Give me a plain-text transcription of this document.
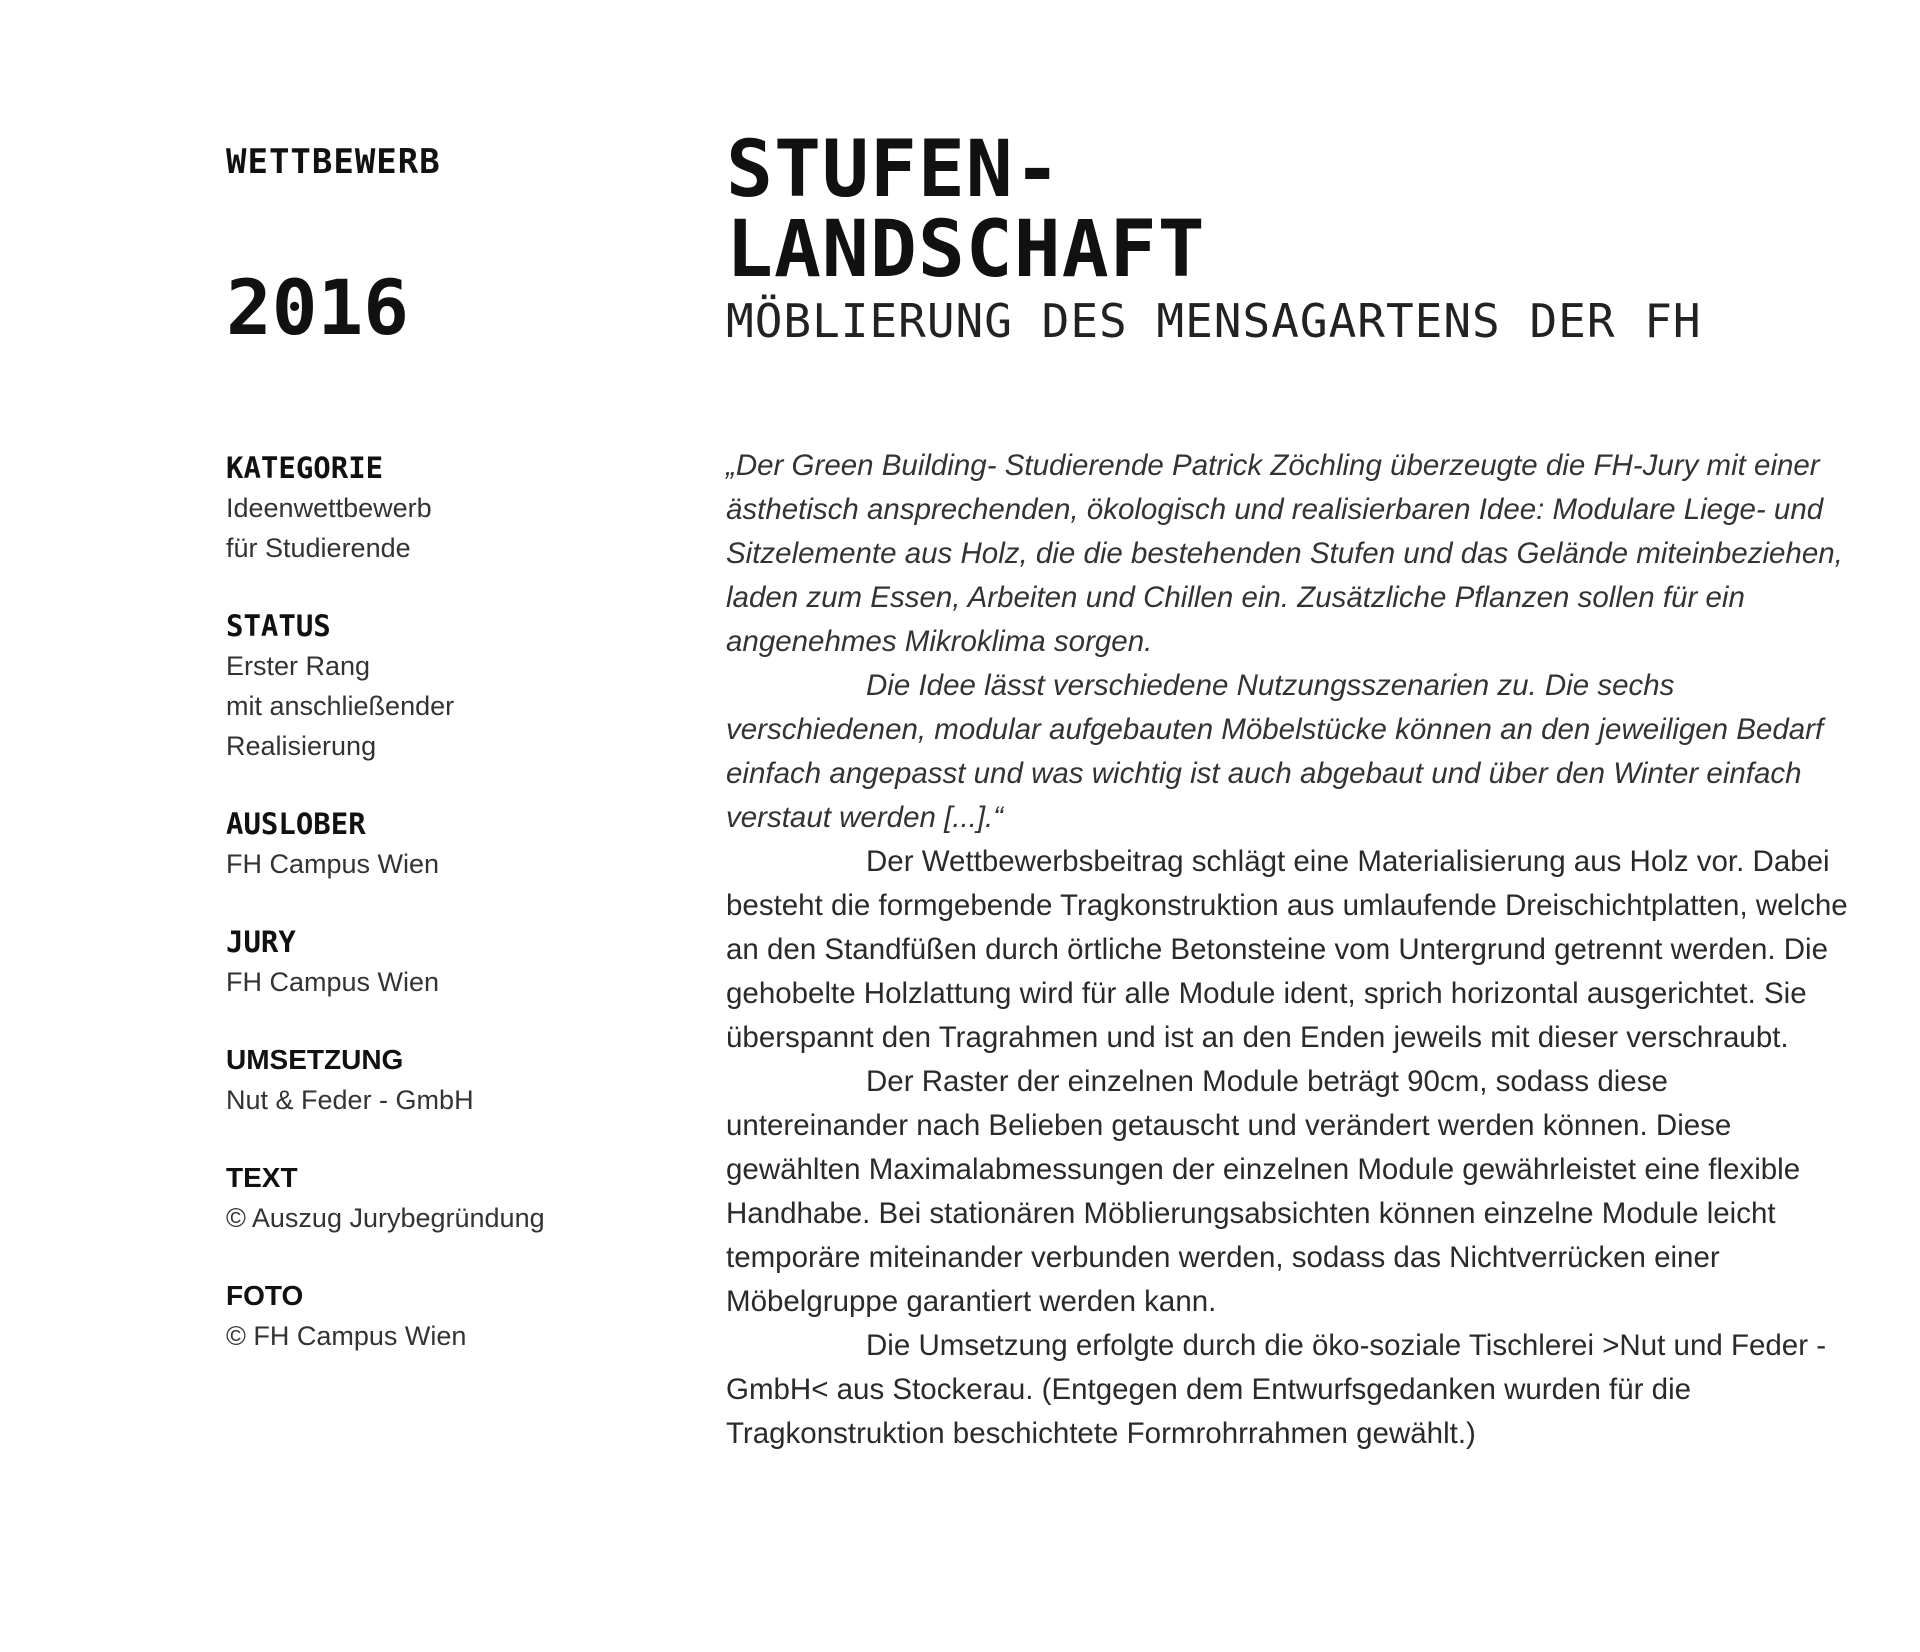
WETTBEWERB
2016
KATEGORIE
Ideenwettbewerb
für Studierende
STATUS
Erster Rang
mit anschließender
Realisierung
AUSLOBER
FH Campus Wien
JURY
FH Campus Wien
UMSETZUNG
Nut & Feder - GmbH
TEXT
© Auszug Jurybegründung
FOTO
© FH Campus Wien
STUFEN-
LANDSCHAFT
MÖBLIERUNG DES MENSAGARTENS DER FH

„Der Green Building- Studierende Patrick Zöchling überzeugte die FH-Jury mit einer ästhetisch ansprechenden, ökologisch und realisierbaren Idee: Modulare Liege- und Sitzelemente aus Holz, die die bestehenden Stufen und das Gelände miteinbeziehen, laden zum Essen, Arbeiten und Chillen ein. Zusätzliche Pflanzen sollen für ein angenehmes Mikroklima sorgen.

Die Idee lässt verschiedene Nutzungsszenarien zu. Die sechs verschiedenen, modular aufgebauten Möbelstücke können an den jeweiligen Bedarf einfach angepasst und was wichtig ist auch abgebaut und über den Winter einfach verstaut werden [...].“

Der Wettbewerbsbeitrag schlägt eine Materialisierung aus Holz vor. Dabei besteht die formgebende Tragkonstruktion aus umlaufende Dreischichtplatten, welche an den Standfüßen durch örtliche Betonsteine vom Untergrund getrennt werden. Die gehobelte Holzlattung wird für alle Module ident, sprich horizontal ausgerichtet. Sie überspannt den Tragrahmen und ist an den Enden jeweils mit dieser verschraubt.

Der Raster der einzelnen Module beträgt 90cm, sodass diese untereinander nach Belieben getauscht und verändert werden können. Diese gewählten Maximalabmessungen der einzelnen Module gewährleistet eine flexible Handhabe. Bei stationären Möblierungsabsichten können einzelne Module leicht temporäre miteinander verbunden werden, sodass das Nichtverrücken einer Möbelgruppe garantiert werden kann.

Die Umsetzung erfolgte durch die öko-soziale Tischlerei >Nut und Feder - GmbH< aus Stockerau. (Entgegen dem Entwurfsgedanken wurden für die Tragkonstruktion beschichtete Formrohrrahmen gewählt.)
